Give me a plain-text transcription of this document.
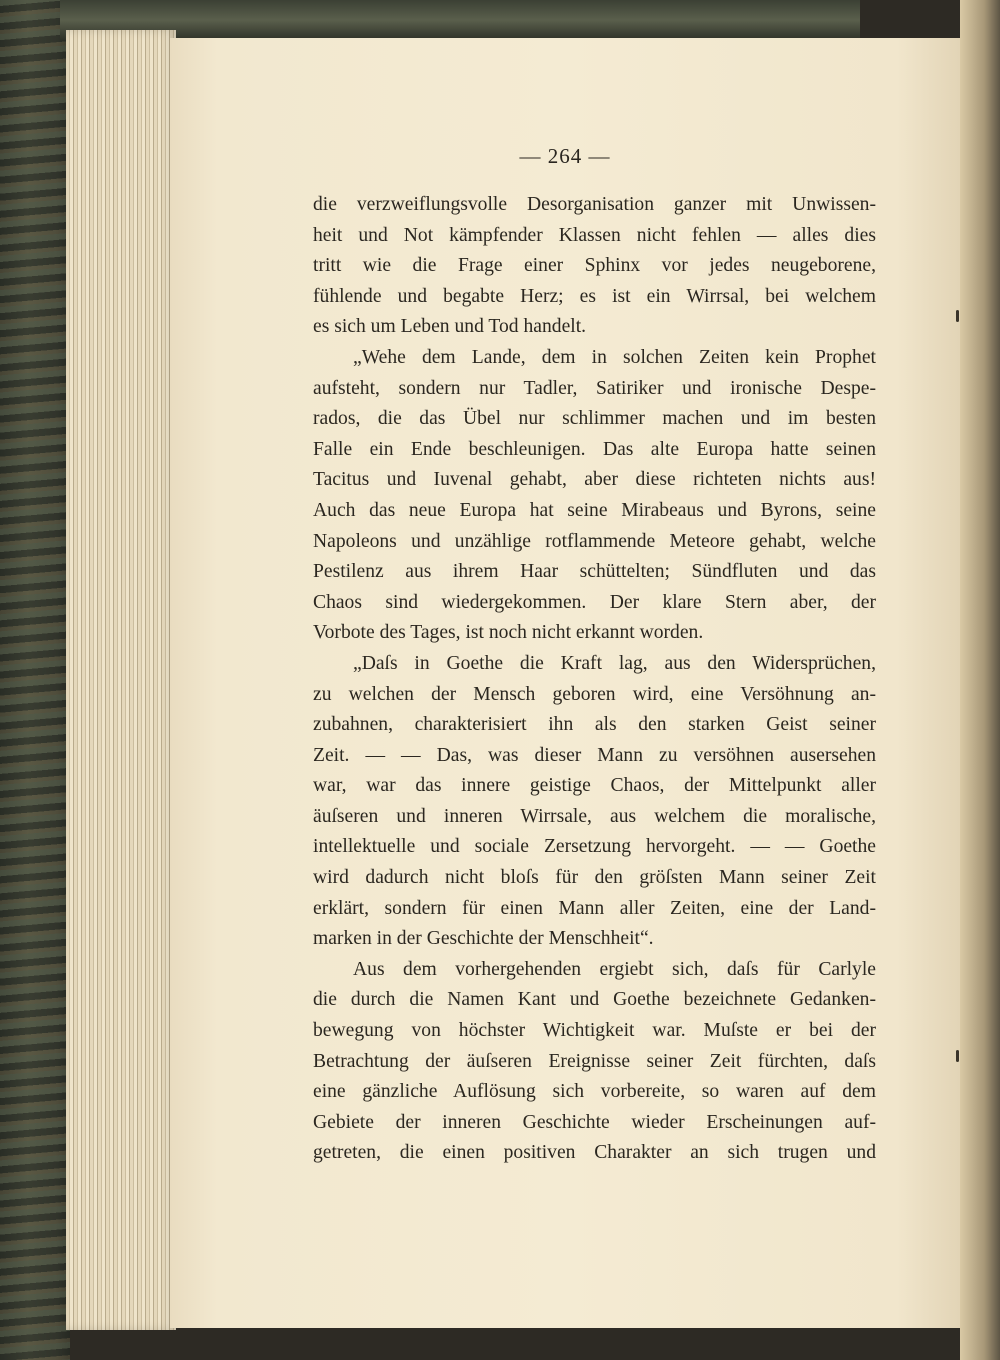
— 264 —
die verzweiflungsvolle Desorganisation ganzer mit Unwissen-
heit und Not kämpfender Klassen nicht fehlen — alles dies
tritt wie die Frage einer Sphinx vor jedes neugeborene,
fühlende und begabte Herz; es ist ein Wirrsal, bei welchem
es sich um Leben und Tod handelt.
„Wehe dem Lande, dem in solchen Zeiten kein Prophet
aufsteht, sondern nur Tadler, Satiriker und ironische Despe-
rados, die das Übel nur schlimmer machen und im besten
Falle ein Ende beschleunigen. Das alte Europa hatte seinen
Tacitus und Iuvenal gehabt, aber diese richteten nichts aus!
Auch das neue Europa hat seine Mirabeaus und Byrons, seine
Napoleons und unzählige rotflammende Meteore gehabt, welche
Pestilenz aus ihrem Haar schüttelten; Sündfluten und das
Chaos sind wiedergekommen. Der klare Stern aber, der
Vorbote des Tages, ist noch nicht erkannt worden.
„Daſs in Goethe die Kraft lag, aus den Widersprüchen,
zu welchen der Mensch geboren wird, eine Versöhnung an-
zubahnen, charakterisiert ihn als den starken Geist seiner
Zeit. — — Das, was dieser Mann zu versöhnen ausersehen
war, war das innere geistige Chaos, der Mittelpunkt aller
äuſseren und inneren Wirrsale, aus welchem die moralische,
intellektuelle und sociale Zersetzung hervorgeht. — — Goethe
wird dadurch nicht bloſs für den gröſsten Mann seiner Zeit
erklärt, sondern für einen Mann aller Zeiten, eine der Land-
marken in der Geschichte der Menschheit“.
Aus dem vorhergehenden ergiebt sich, daſs für Carlyle
die durch die Namen Kant und Goethe bezeichnete Gedanken-
bewegung von höchster Wichtigkeit war. Muſste er bei der
Betrachtung der äuſseren Ereignisse seiner Zeit fürchten, daſs
eine gänzliche Auflösung sich vorbereite, so waren auf dem
Gebiete der inneren Geschichte wieder Erscheinungen auf-
getreten, die einen positiven Charakter an sich trugen und
